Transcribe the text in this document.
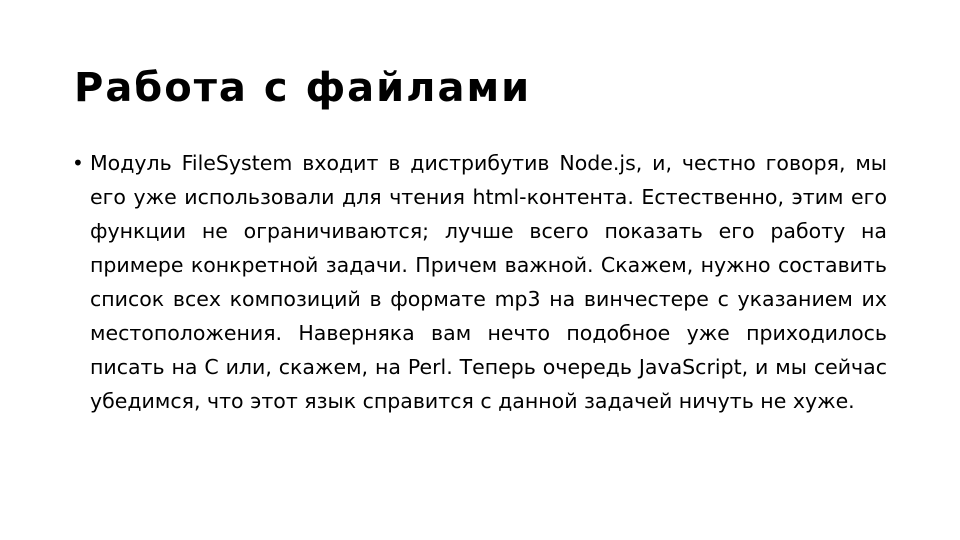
Работа с файлами
• Модуль FileSystem входит в дистрибутив Node.js, и, честно говоря, мы его уже использовали для чтения html-контента. Естественно, этим его функции не ограничиваются; лучше всего показать его работу на примере конкретной задачи. Причем важной. Скажем, нужно составить список всех композиций в формате mp3 на винчестере с указанием их местоположения. Наверняка вам нечто подобное уже приходилось писать на C или, скажем, на Perl. Теперь очередь JavaScript, и мы сейчас убедимся, что этот язык справится с данной задачей ничуть не хуже.
